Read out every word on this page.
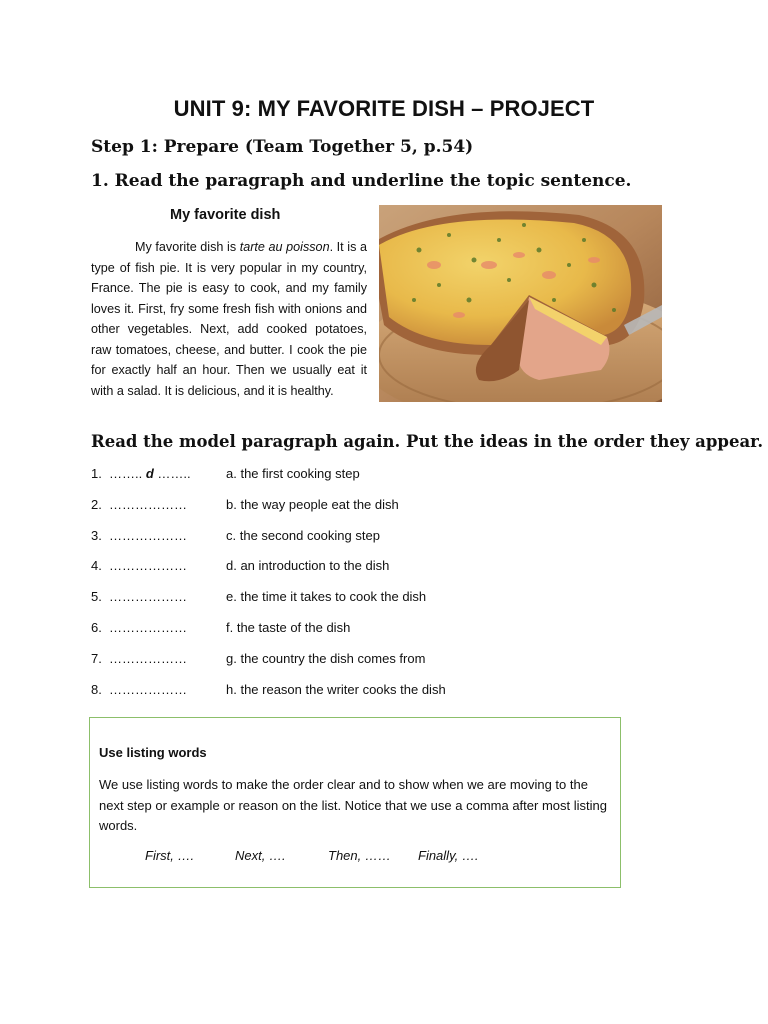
UNIT 9: MY FAVORITE DISH – PROJECT
Step 1: Prepare (Team Together 5, p.54)
1. Read the paragraph and underline the topic sentence.
My favorite dish
My favorite dish is tarte au poisson. It is a type of fish pie. It is very popular in my country, France. The pie is easy to cook, and my family loves it. First, fry some fresh fish with onions and other vegetables. Next, add cooked potatoes, raw tomatoes, cheese, and butter. I cook the pie for exactly half an hour. Then we usually eat it with a salad. It is delicious, and it is healthy.
Read the model paragraph again. Put the ideas in the order they appear.
1. …….. d ……..	a. the first cooking step
2. ………………	b. the way people eat the dish
3. ………………	c. the second cooking step
4. ………………	d. an introduction to the dish
5. ………………	e. the time it takes to cook the dish
6. ………………	f. the taste of the dish
7. ………………	g. the country the dish comes from
8. ………………	h. the reason the writer cooks the dish
Use listing words
We use listing words to make the order clear and to show when we are moving to the next step or example or reason on the list. Notice that we use a comma after most listing words.
First, ….	Next, ….	Then, …… Finally, ….
